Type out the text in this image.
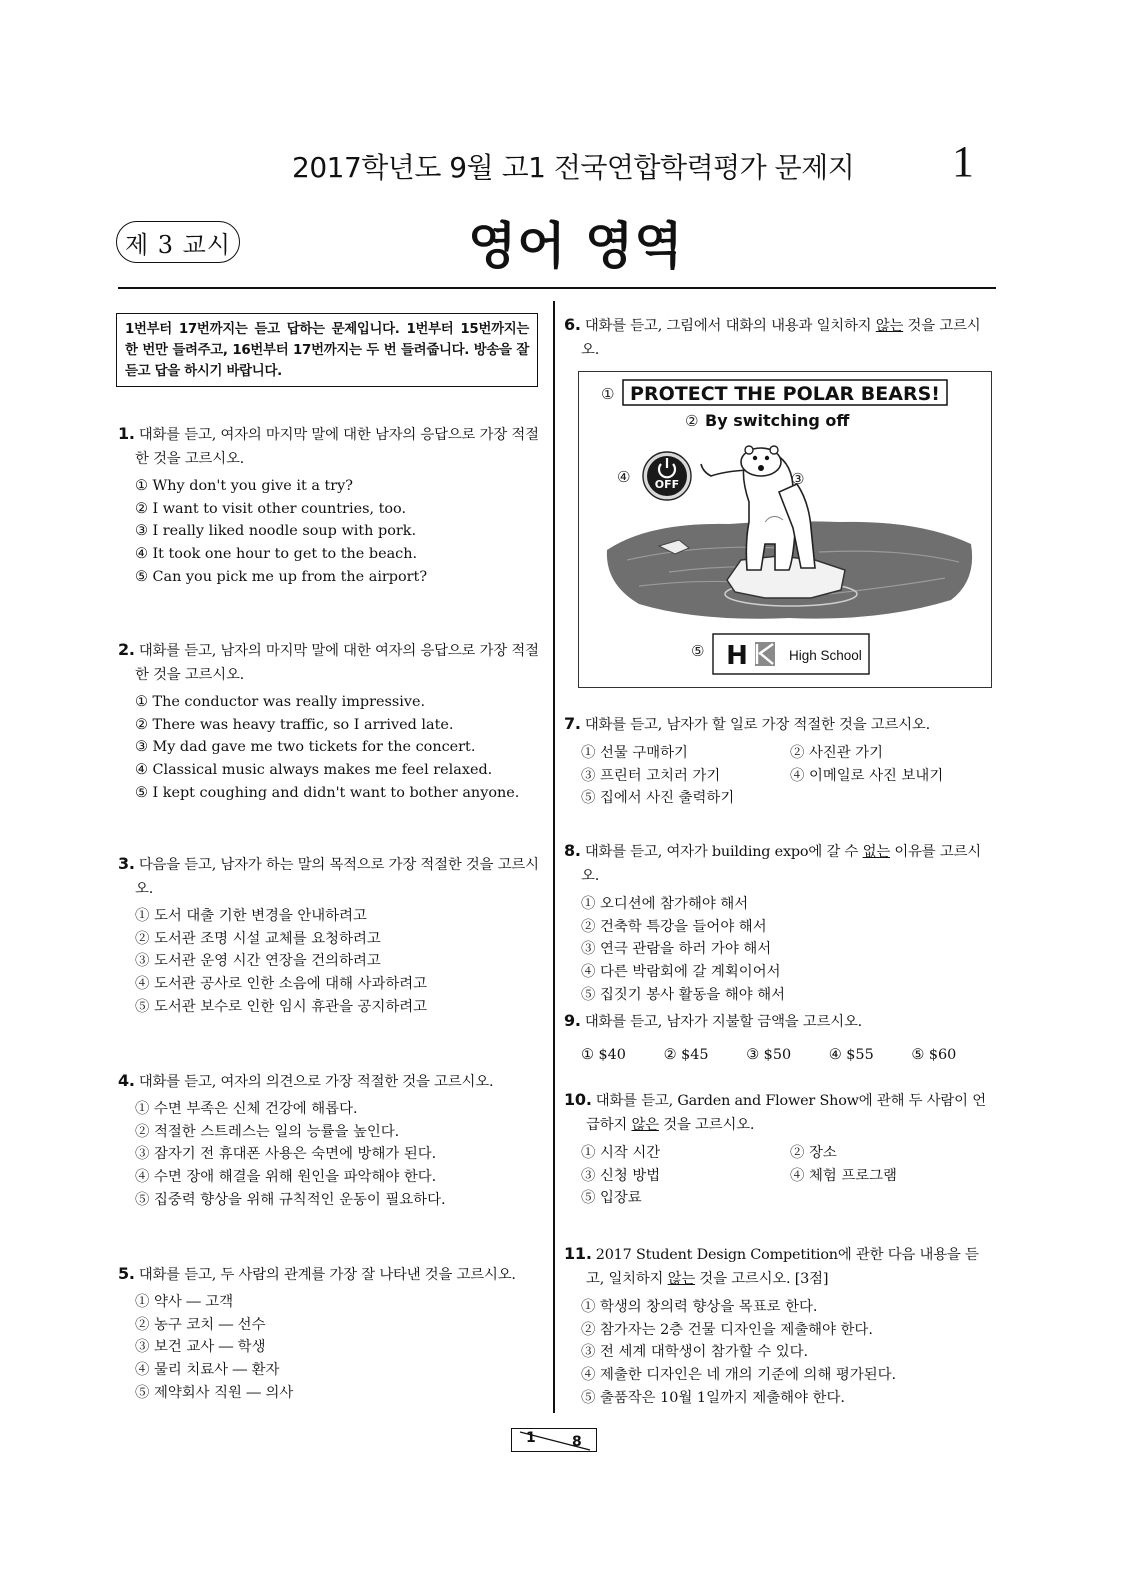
2017학년도 9월 고1 전국연합학력평가 문제지 1
제 3 교시	영어 영역
1번부터 17번까지는 듣고 답하는 문제입니다. 1번부터 15번까지는 한 번만 들려주고, 16번부터 17번까지는 두 번 들려줍니다. 방송을 잘 듣고 답을 하시기 바랍니다.
1. 대화를 듣고, 여자의 마지막 말에 대한 남자의 응답으로 가장 적절한 것을 고르시오.
① Why don't you give it a try?
② I want to visit other countries, too.
③ I really liked noodle soup with pork.
④ It took one hour to get to the beach.
⑤ Can you pick me up from the airport?
2. 대화를 듣고, 남자의 마지막 말에 대한 여자의 응답으로 가장 적절한 것을 고르시오.
① The conductor was really impressive.
② There was heavy traffic, so I arrived late.
③ My dad gave me two tickets for the concert.
④ Classical music always makes me feel relaxed.
⑤ I kept coughing and didn't want to bother anyone.
3. 다음을 듣고, 남자가 하는 말의 목적으로 가장 적절한 것을 고르시오.
① 도서 대출 기한 변경을 안내하려고
② 도서관 조명 시설 교체를 요청하려고
③ 도서관 운영 시간 연장을 건의하려고
④ 도서관 공사로 인한 소음에 대해 사과하려고
⑤ 도서관 보수로 인한 임시 휴관을 공지하려고
4. 대화를 듣고, 여자의 의견으로 가장 적절한 것을 고르시오.
① 수면 부족은 신체 건강에 해롭다.
② 적절한 스트레스는 일의 능률을 높인다.
③ 잠자기 전 휴대폰 사용은 숙면에 방해가 된다.
④ 수면 장애 해결을 위해 원인을 파악해야 한다.
⑤ 집중력 향상을 위해 규칙적인 운동이 필요하다.
5. 대화를 듣고, 두 사람의 관계를 가장 잘 나타낸 것을 고르시오.
① 약사 ― 고객
② 농구 코치 ― 선수
③ 보건 교사 ― 학생
④ 물리 치료사 ― 환자
⑤ 제약회사 직원 ― 의사
6. 대화를 듣고, 그림에서 대화의 내용과 일치하지 않는 것을 고르시오.
① PROTECT THE POLAR BEARS!
② By switching off
③
④ OFF
⑤ H	High School
7. 대화를 듣고, 남자가 할 일로 가장 적절한 것을 고르시오.
① 선물 구매하기	② 사진관 가기
③ 프린터 고치러 가기	④ 이메일로 사진 보내기
⑤ 집에서 사진 출력하기
8. 대화를 듣고, 여자가 building expo에 갈 수 없는 이유를 고르시오.
① 오디션에 참가해야 해서
② 건축학 특강을 들어야 해서
③ 연극 관람을 하러 가야 해서
④ 다른 박람회에 갈 계획이어서
⑤ 집짓기 봉사 활동을 해야 해서
9. 대화를 듣고, 남자가 지불할 금액을 고르시오.
① $40	② $45	③ $50	④ $55	⑤ $60
10. 대화를 듣고, Garden and Flower Show에 관해 두 사람이 언급하지 않은 것을 고르시오.
① 시작 시간	② 장소
③ 신청 방법	④ 체험 프로그램
⑤ 입장료
11. 2017 Student Design Competition에 관한 다음 내용을 듣고, 일치하지 않는 것을 고르시오. [3점]
① 학생의 창의력 향상을 목표로 한다.
② 참가자는 2층 건물 디자인을 제출해야 한다.
③ 전 세계 대학생이 참가할 수 있다.
④ 제출한 디자인은 네 개의 기준에 의해 평가된다.
⑤ 출품작은 10월 1일까지 제출해야 한다.
1	8
